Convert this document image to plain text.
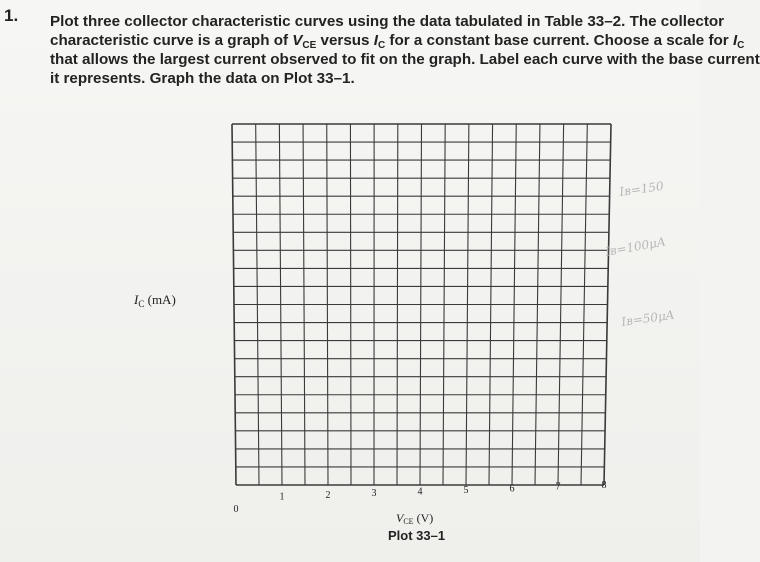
1. Plot three collector characteristic curves using the data tabulated in Table 33–2. The collector
characteristic curve is a graph of $V_{CE}$ versus $I_C$ for a constant base current. Choose a scale for $I_C$
that allows the largest current observed to fit on the graph. Label each curve with the base current
it represents. Graph the data on Plot 33–1.
0
1	2	3	4	5	6	7	8
Iʙ=150
Iʙ=100μA
Iʙ=50μA
$I_C$ (mA)
$V_{CE}$ (V)
Plot 33–1
